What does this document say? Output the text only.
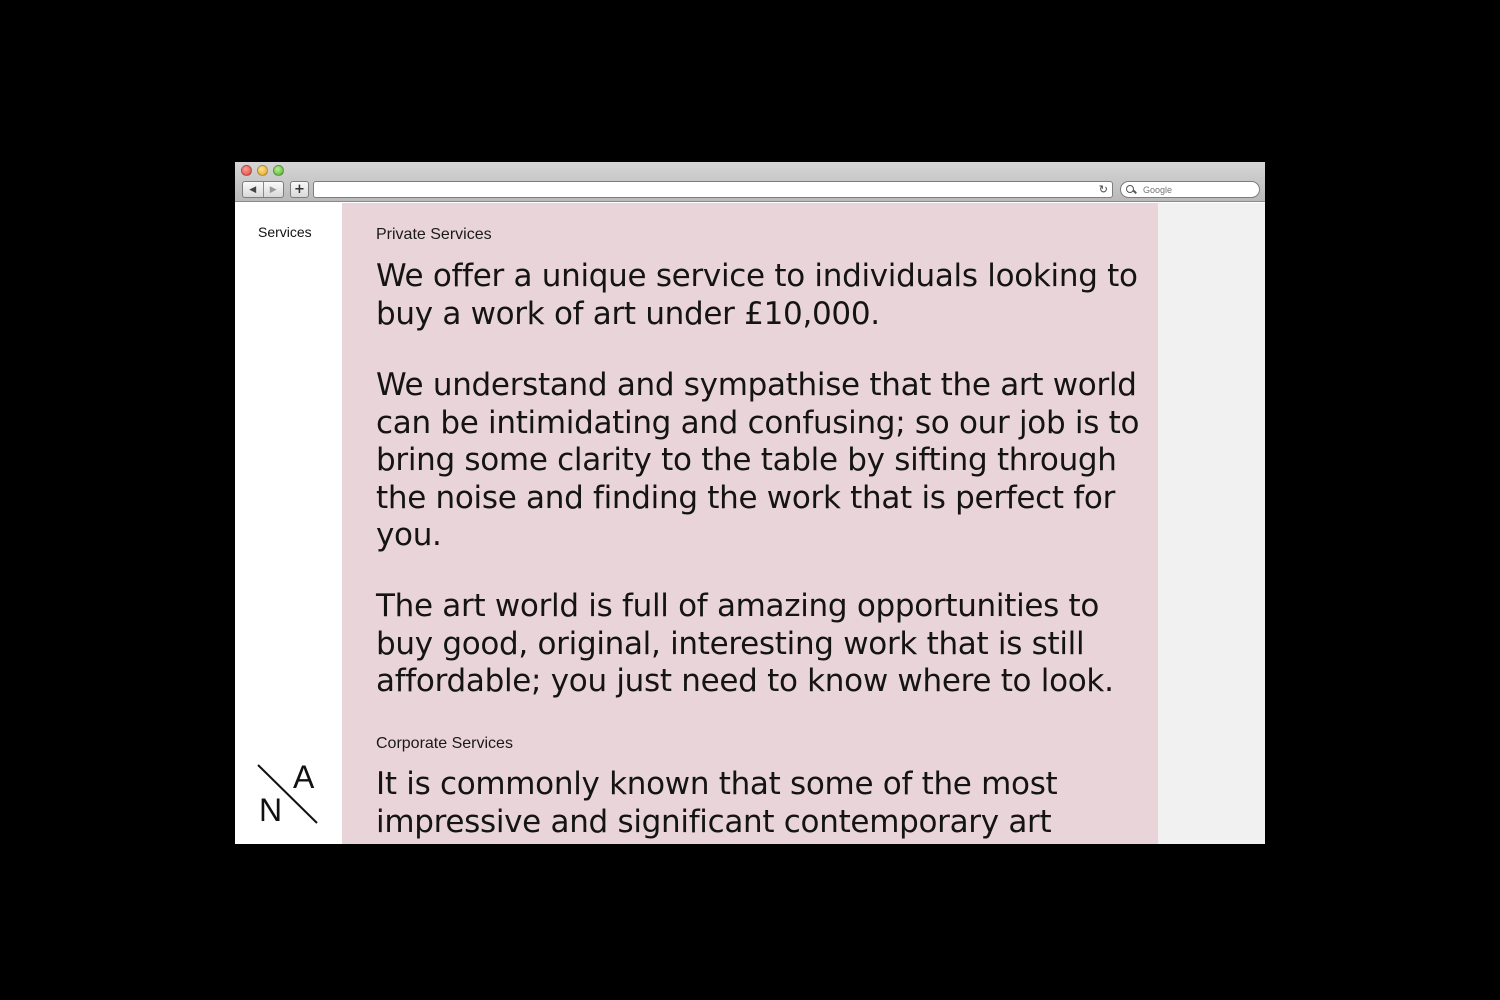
◀	▶	+	↻
Google
Services
N
A
Private Services

We offer a unique service to individuals looking to buy a work of art under £10,000.

We understand and sympathise that the art world can be intimidating and confusing; so our job is to bring some clarity to the table by sifting through the noise and finding the work that is perfect for you.

The art world is full of amazing opportunities to buy good, original, interesting work that is still affordable; you just need to know where to look.

Corporate Services

It is commonly known that some of the most impressive and significant contemporary art
